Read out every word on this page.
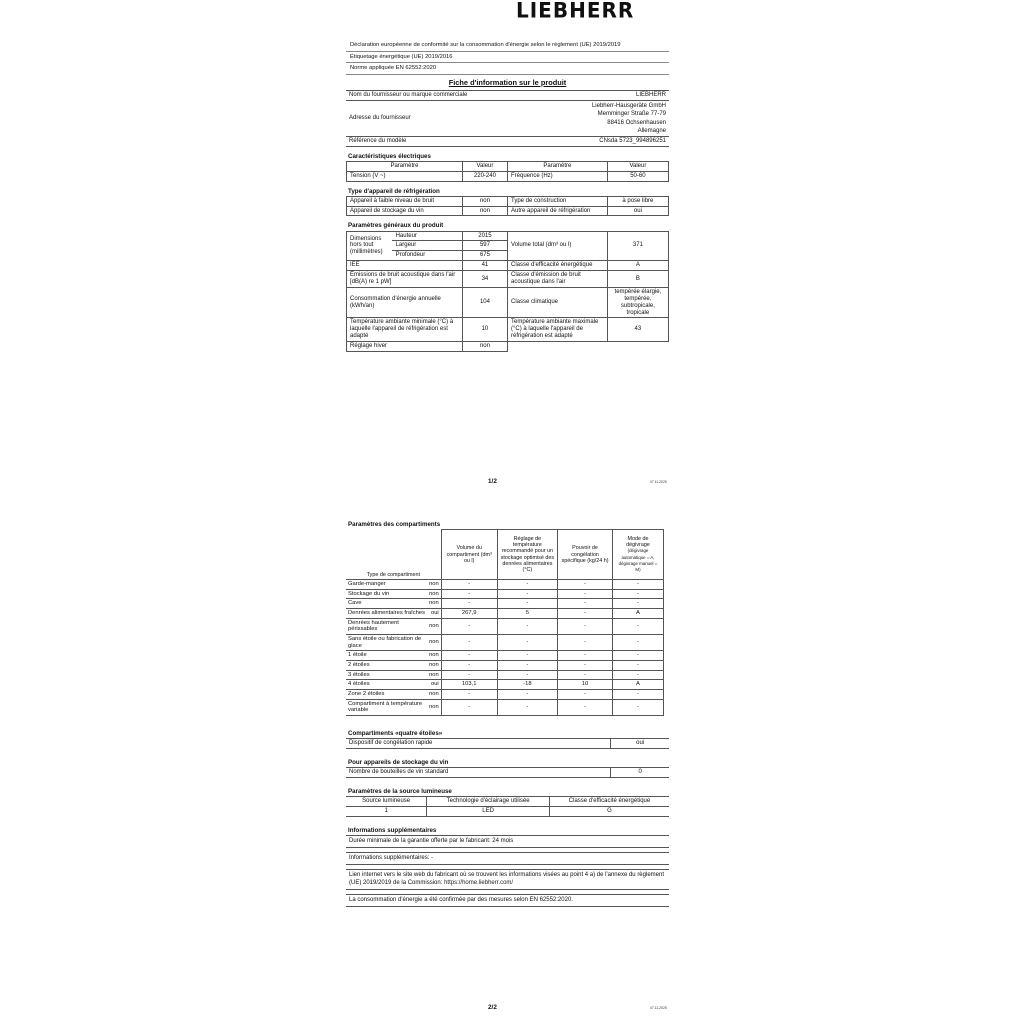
LIEBHERR
Déclaration européenne de conformité sur la consommation d'énergie selon le règlement (UE) 2019/2019
Étiquetage énergétique (UE) 2019/2016
Norme appliquée EN 62552:2020
Fiche d'information sur le produit
Nom du fournisseur ou marque commerciale	LIEBHERR
Adresse du fournisseur	Liebherr-Hausgeräte GmbH
Memminger Straße 77-79
88416 Ochsenhausen
Allemagne

Référence du modèle	CNsda 5723_994896251
Caractéristiques électriques
Paramètre	Valeur	Paramètre	Valeur
Tension (V ~)	220-240	Fréquence (Hz)	50-60
Type d'appareil de réfrigération
Appareil à faible niveau de bruit	non	Type de construction	à pose libre
Appareil de stockage du vin	non	Autre appareil de réfrigération	oui
Paramètres généraux du produit
Dimensions hors tout (millimètres)	Hauteur	2015	Volume total (dm³ ou l)	371
	Largeur	597		
	Profondeur	675		
IEE		41	Classe d'efficacité énergétique	A
Émissions de bruit acoustique dans l'air [dB(A) re 1 pW]		34	Classe d'émission de bruit acoustique dans l'air	B
Consommation d'énergie annuelle (kWh/an)		104	Classe climatique	tempérée élargie, tempérée, subtropicale, tropicale
Température ambiante minimale (°C) à laquelle l'appareil de réfrigération est adapté		10	Température ambiante maximale (°C) à laquelle l'appareil de réfrigération est adapté	43
Réglage hiver		non		
1/2	07.11.2025
Paramètres des compartiments
Type de compartiment	Volume du compartiment (dm³ ou l)	Réglage de température recommandé pour un stockage optimisé des denrées alimentaires (°C)	Pouvoir de congélation spécifique (kg/24 h)	Mode de dégivrage
(dégivrage automatique = A, dégivrage manuel = M)

Garde-manger non	-	-	-	-

Stockage du vin non	-	-	-	-

Cave non	-	-	-	-

Denrées alimentaires fraîches oui	267,9	5	-	A

Denrées hautement périssables
non	-	-	-	-

Sans étoile ou fabrication de glace
non	-	-	-	-

1 étoile non	-	-	-	-

2 étoiles non	-	-	-	-

3 étoiles non	-	-	-	-

4 étoiles oui	103,1	-18	10	A

Zone 2 étoiles non	-	-	-	-

Compartiment à température variable
non	-	-	-	-
Compartiments «quatre étoiles»
Dispositif de congélation rapide	oui
Pour appareils de stockage du vin
Nombre de bouteilles de vin standard	0
Paramètres de la source lumineuse
Source lumineuse	Technologie d'éclairage utilisée	Classe d'efficacité énergétique
1	LED	G
Informations supplémentaires
Durée minimale de la garantie offerte par le fabricant: 24 mois
Informations supplémentaires: -
Lien internet vers le site web du fabricant où se trouvent les informations visées au point 4 a) de l'annexe du règlement (UE) 2019/2019 de la Commission: https://home.liebherr.com/
La consommation d'énergie a été confirmée par des mesures selon EN 62552:2020.
2/2	07.11.2025
